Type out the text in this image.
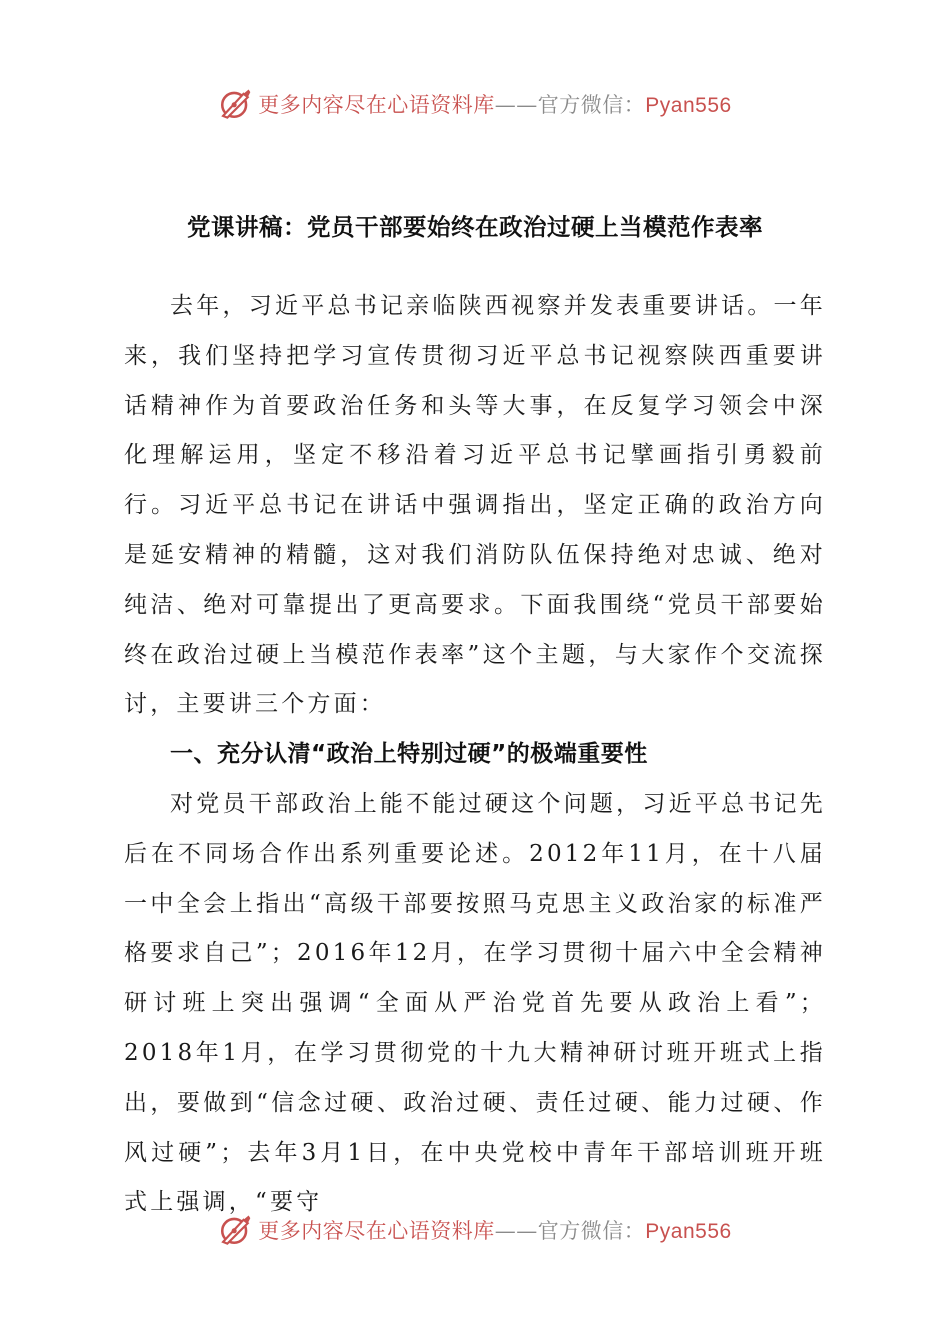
更多内容尽在心语资料库——官方微信：Pyan556
党课讲稿：党员干部要始终在政治过硬上当模范作表率

去年，习近平总书记亲临陕西视察并发表重要讲话。一年来，我们坚持把学习宣传贯彻习近平总书记视察陕西重要讲话精神作为首要政治任务和头等大事，在反复学习领会中深化理解运用，坚定不移沿着习近平总书记擘画指引勇毅前行。习近平总书记在讲话中强调指出，坚定正确的政治方向是延安精神的精髓，这对我们消防队伍保持绝对忠诚、绝对纯洁、绝对可靠提出了更高要求。下面我围绕“党员干部要始终在政治过硬上当模范作表率”这个主题，与大家作个交流探讨，主要讲三个方面：

一、充分认清“政治上特别过硬”的极端重要性

对党员干部政治上能不能过硬这个问题，习近平总书记先后在不同场合作出系列重要论述。2012年11月，在十八届一中全会上指出“高级干部要按照马克思主义政治家的标准严格要求自己”；2016年12月，在学习贯彻十届六中全会精神研讨班上突出强调“全面从严治党首先要从政治上看”；2018年1月，在学习贯彻党的十九大精神研讨班开班式上指出，要做到“信念过硬、政治过硬、责任过硬、能力过硬、作风过硬”；去年3月1日，在中央党校中青年干部培训班开班式上强调，“要守

更多内容尽在心语资料库——官方微信：Pyan556
